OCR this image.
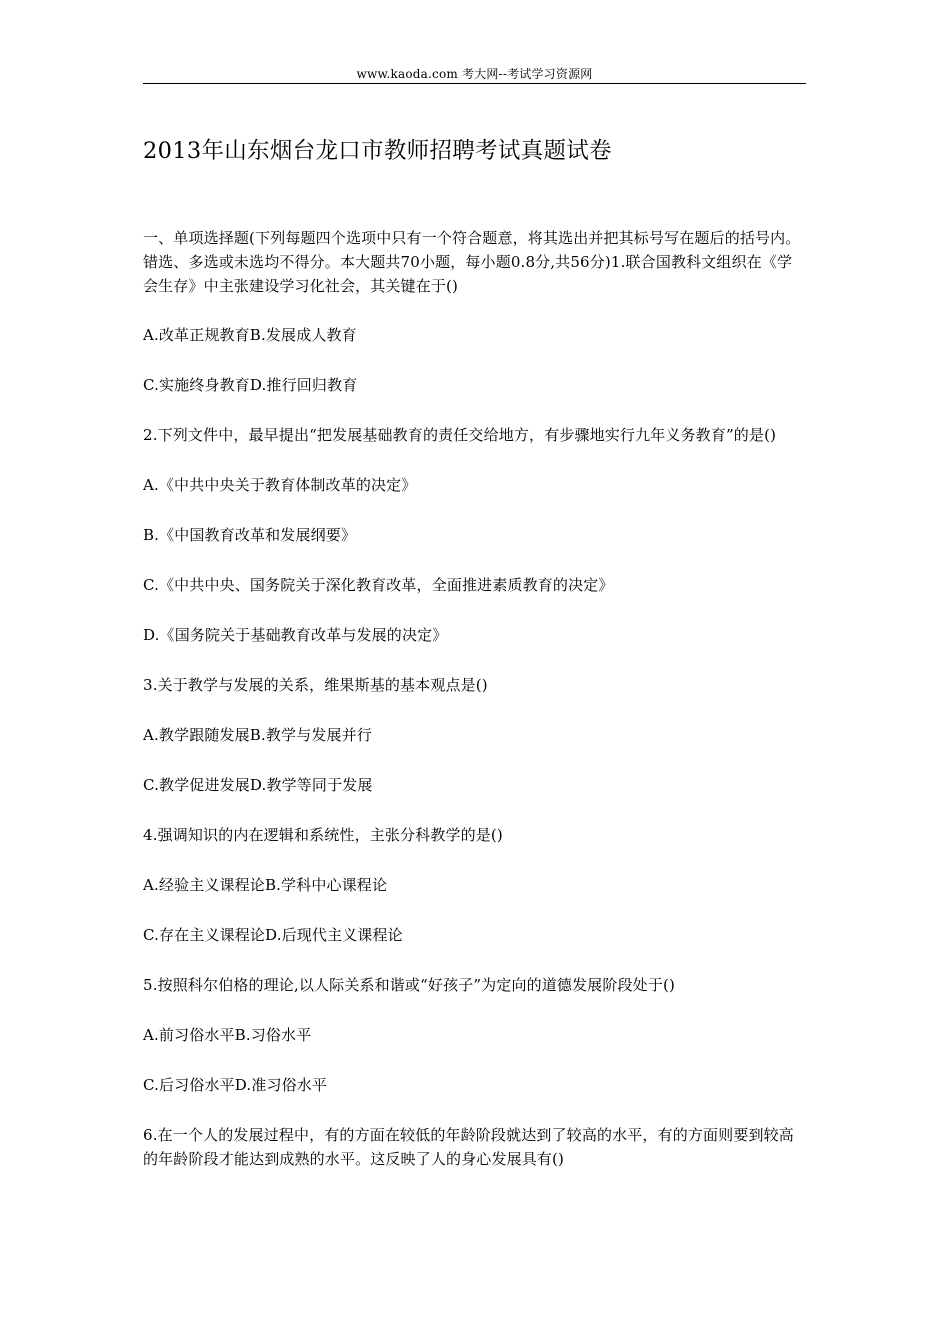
www.kaoda.com 考大网--考试学习资源网
2013年山东烟台龙口市教师招聘考试真题试卷

一、单项选择题(下列每题四个选项中只有一个符合题意，将其选出并把其标号写在题后的括号内。错选、多选或未选均不得分。本大题共70小题，每小题0.8分,共56分)1.联合国教科文组织在《学会生存》中主张建设学习化社会，其关键在于()

A.改革正规教育B.发展成人教育

C.实施终身教育D.推行回归教育

2.下列文件中，最早提出“把发展基础教育的责任交给地方，有步骤地实行九年义务教育”的是()

A.《中共中央关于教育体制改革的决定》

B.《中国教育改革和发展纲要》

C.《中共中央、国务院关于深化教育改革，全面推进素质教育的决定》

D.《国务院关于基础教育改革与发展的决定》

3.关于教学与发展的关系，维果斯基的基本观点是()

A.教学跟随发展B.教学与发展并行

C.教学促进发展D.教学等同于发展

4.强调知识的内在逻辑和系统性，主张分科教学的是()

A.经验主义课程论B.学科中心课程论

C.存在主义课程论D.后现代主义课程论

5.按照科尔伯格的理论,以人际关系和谐或“好孩子”为定向的道德发展阶段处于()

A.前习俗水平B.习俗水平

C.后习俗水平D.准习俗水平

6.在一个人的发展过程中，有的方面在较低的年龄阶段就达到了较高的水平，有的方面则要到较高的年龄阶段才能达到成熟的水平。这反映了人的身心发展具有()
